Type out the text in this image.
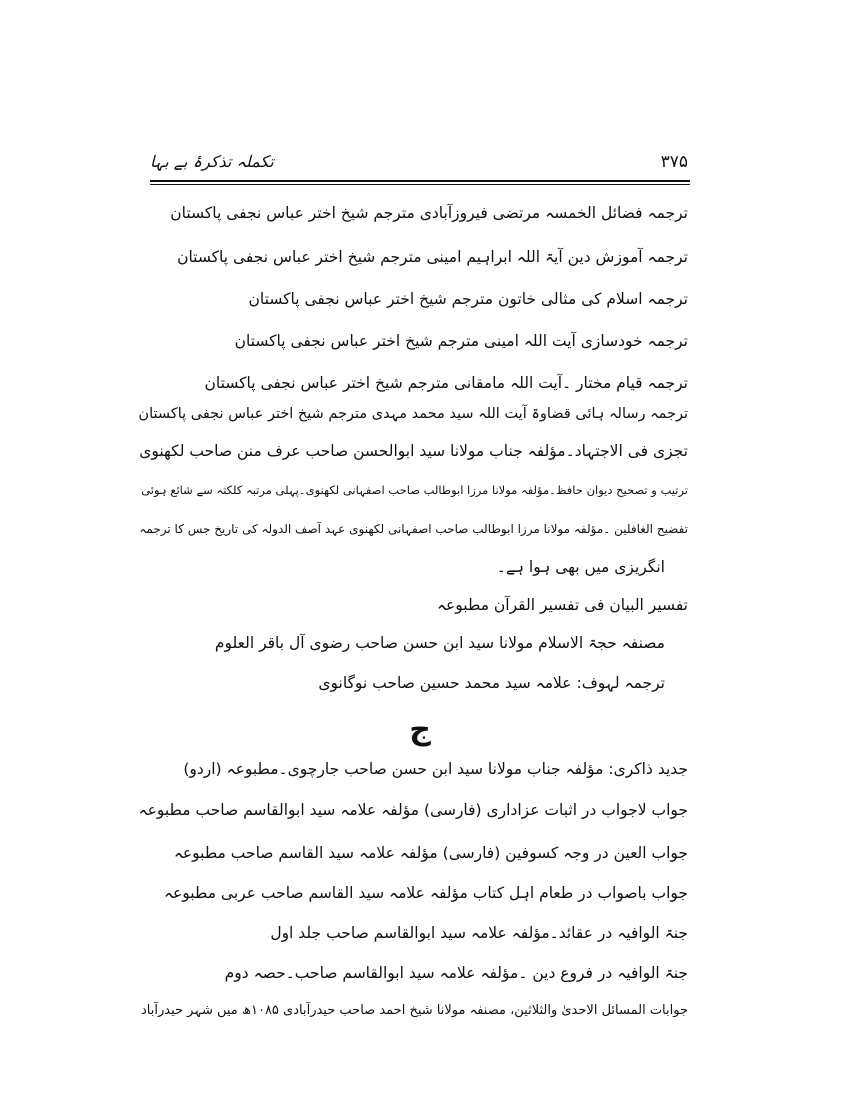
تکملہ تذکرۂ بے بہا	۳۷۵
ترجمہ فضائل الخمسہ مرتضی فیروزآبادی مترجم شیخ اختر عباس نجفی پاکستان
ترجمہ آموزش دین آیۃ اللہ ابراہیم امینی مترجم شیخ اختر عباس نجفی پاکستان
ترجمہ اسلام کی مثالی خاتون مترجم شیخ اختر عباس نجفی پاکستان
ترجمہ خودسازی آیت اللہ امینی مترجم شیخ اختر عباس نجفی پاکستان
ترجمہ قیام مختار ۔آیت اللہ مامقانی مترجم شیخ اختر عباس نجفی پاکستان
ترجمہ رسالہ ہائی قضاوۃ آیت اللہ سید محمد مہدی مترجم شیخ اختر عباس نجفی پاکستان
تجزی فی الاجتہاد۔مؤلفہ جناب مولانا سید ابوالحسن صاحب عرف منن صاحب لکھنوی
ترتیب و تصحیح دیوان حافظ۔مؤلفہ مولانا مرزا ابوطالب صاحب اصفہانی لکھنوی۔پہلی مرتبہ کلکتہ سے شائع ہوئی
تفضیح الغافلین ۔مؤلفہ مولانا مرزا ابوطالب صاحب اصفہانی لکھنوی عہد آصف الدولہ کی تاریخ جس کا ترجمہ
انگریزی میں بھی ہوا ہے۔
تفسیر البیان فی تفسیر القرآن مطبوعہ
مصنفہ حجۃ الاسلام مولانا سید ابن حسن صاحب رضوی آل باقر العلوم
ترجمہ لہوف: علامہ سید محمد حسین صاحب نوگانوی
ج
جدید ذاکری: مؤلفہ جناب مولانا سید ابن حسن صاحب جارچوی۔مطبوعہ (اردو)
جواب لاجواب در اثبات عزاداری (فارسی) مؤلفہ علامہ سید ابوالقاسم صاحب مطبوعہ
جواب العین در وجہ کسوفین (فارسی) مؤلفہ علامہ سید القاسم صاحب مطبوعہ
جواب باصواب در طعام اہل کتاب مؤلفہ علامہ سید القاسم صاحب عربی مطبوعہ
جنۃ الوافیہ در عقائد۔مؤلفہ علامہ سید ابوالقاسم صاحب جلد اول
جنۃ الوافیہ در فروع دین ۔مؤلفہ علامہ سید ابوالقاسم صاحب۔حصہ دوم
جوابات المسائل الاحدیٰ والثلاثین، مصنفہ مولانا شیخ احمد صاحب حیدرآبادی ۱۰۸۵ھ میں شہر حیدرآباد
